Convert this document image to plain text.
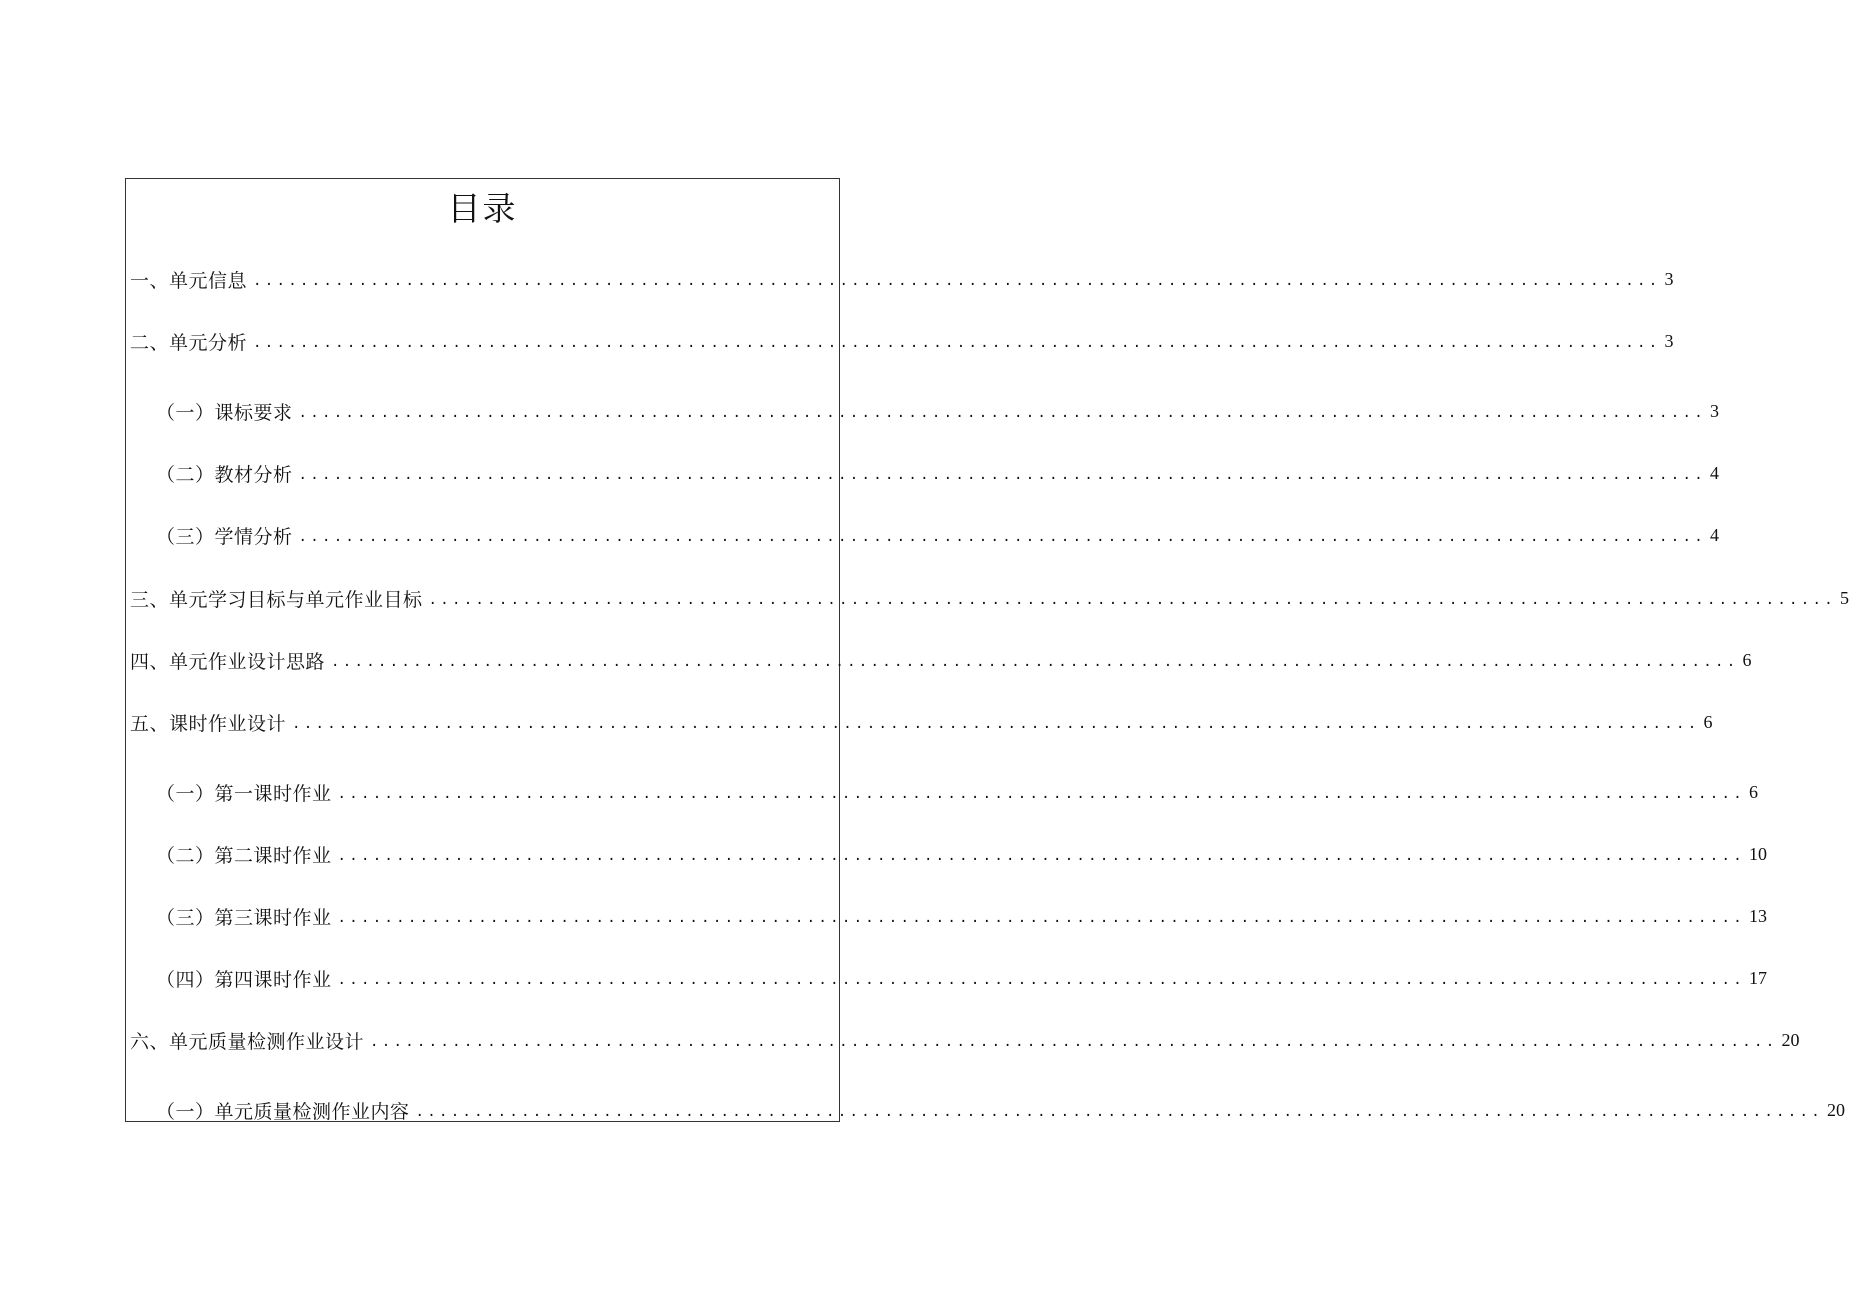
目录
一、单元信息 ........................................................................................................................ 3
二、单元分析 ........................................................................................................................ 3
（一）课标要求 ........................................................................................................................ 3
（二）教材分析 ........................................................................................................................ 4
（三）学情分析 ........................................................................................................................ 4
三、单元学习目标与单元作业目标 ........................................................................................................................ 5
四、单元作业设计思路 ........................................................................................................................ 6
五、课时作业设计 ........................................................................................................................ 6
（一）第一课时作业 ........................................................................................................................ 6
（二）第二课时作业 ........................................................................................................................ 10
（三）第三课时作业 ........................................................................................................................ 13
（四）第四课时作业 ........................................................................................................................ 17
六、单元质量检测作业设计 ........................................................................................................................ 20
（一）单元质量检测作业内容 ........................................................................................................................ 20
